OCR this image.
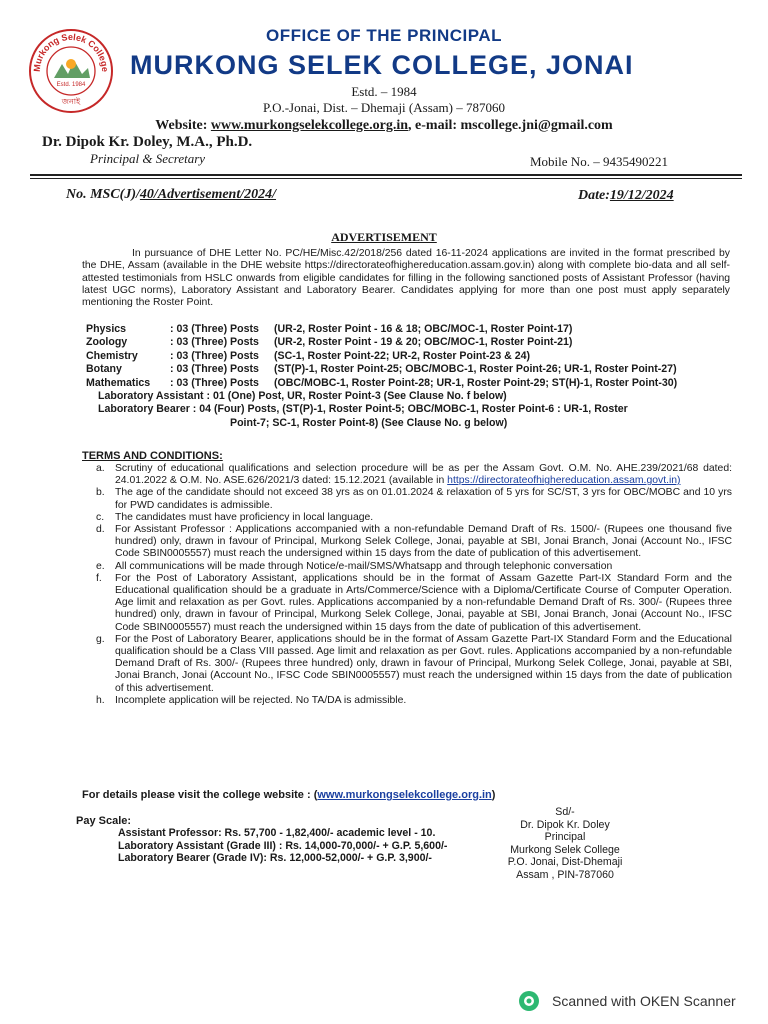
Murkong Selek College
Estd. 1984
জনাই
OFFICE OF THE PRINCIPAL
MURKONG SELEK COLLEGE, JONAI
Estd. – 1984
P.O.-Jonai, Dist. – Dhemaji (Assam) – 787060
Website: www.murkongselekcollege.org.in, e-mail: mscollege.jni@gmail.com
Dr. Dipok Kr. Doley, M.A., Ph.D.
Principal & Secretary	Mobile No. – 9435490221
No. MSC(J)/40/Advertisement/2024/	Date:19/12/2024
ADVERTISEMENT

In pursuance of DHE Letter No. PC/HE/Misc.42/2018/256 dated 16-11-2024 applications are invited in the format prescribed by the DHE, Assam (available in the DHE website https://directorateofhighereducation.assam.gov.in) along with complete bio-data and all self- attested testimonials from HSLC onwards from eligible candidates for filling in the following sanctioned posts of Assistant Professor (having latest UGC norms), Laboratory Assistant and Laboratory Bearer. Candidates applying for more than one post must apply separately mentioning the Roster Point.

Physics	: 03 (Three) Posts (UR-2, Roster Point - 16 & 18; OBC/MOC-1, Roster Point-17)
Zoology	: 03 (Three) Posts (UR-2, Roster Point - 19 & 20; OBC/MOC-1, Roster Point-21)
Chemistry	: 03 (Three) Posts (SC-1, Roster Point-22; UR-2, Roster Point-23 & 24)
Botany	: 03 (Three) Posts (ST(P)-1, Roster Point-25; OBC/MOBC-1, Roster Point-26; UR-1, Roster Point-27)
Mathematics : 03 (Three) Posts (OBC/MOBC-1, Roster Point-28; UR-1, Roster Point-29; ST(H)-1, Roster Point-30)
Laboratory Assistant : 01 (One) Post, UR, Roster Point-3 (See Clause No. f below)
Laboratory Bearer : 04 (Four) Posts, (ST(P)-1, Roster Point-5; OBC/MOBC-1, Roster Point-6 : UR-1, Roster
Point-7; SC-1, Roster Point-8) (See Clause No. g below)
TERMS AND CONDITIONS:
a. Scrutiny of educational qualifications and selection procedure will be as per the Assam Govt. O.M. No. AHE.239/2021/68 dated: 24.01.2022 & O.M. No. ASE.626/2021/3 dated: 15.12.2021 (available in https://directorateofhighereducation.assam.govt.in)
b. The age of the candidate should not exceed 38 yrs as on 01.01.2024 & relaxation of 5 yrs for SC/ST, 3 yrs for OBC/MOBC and 10 yrs for PWD candidates is admissible.
c. The candidates must have proficiency in local language.
d. For Assistant Professor : Applications accompanied with a non-refundable Demand Draft of Rs. 1500/- (Rupees one thousand five hundred) only, drawn in favour of Principal, Murkong Selek College, Jonai, payable at SBI, Jonai Branch, Jonai (Account No., IFSC Code SBIN0005557) must reach the undersigned within 15 days from the date of publication of this advertisement.
e. All communications will be made through Notice/e-mail/SMS/Whatsapp and through telephonic conversation
f. For the Post of Laboratory Assistant, applications should be in the format of Assam Gazette Part-IX Standard Form and the Educational qualification should be a graduate in Arts/Commerce/Science with a Diploma/Certificate Course of Computer Operation. Age limit and relaxation as per Govt. rules. Applications accompanied by a non-refundable Demand Draft of Rs. 300/- (Rupees three hundred) only, drawn in favour of Principal, Murkong Selek College, Jonai, payable at SBI, Jonai Branch, Jonai (Account No., IFSC Code SBIN0005557) must reach the undersigned within 15 days from the date of publication of this advertisement.
g. For the Post of Laboratory Bearer, applications should be in the format of Assam Gazette Part-IX Standard Form and the Educational qualification should be a Class VIII passed. Age limit and relaxation as per Govt. rules. Applications accompanied by a non-refundable Demand Draft of Rs. 300/- (Rupees three hundred) only, drawn in favour of Principal, Murkong Selek College, Jonai, payable at SBI, Jonai Branch, Jonai (Account No., IFSC Code SBIN0005557) must reach the undersigned within 15 days from the date of publication of this advertisement.
h. Incomplete application will be rejected. No TA/DA is admissible.
For details please visit the college website : (www.murkongselekcollege.org.in)
Pay Scale:
Assistant Professor: Rs. 57,700 - 1,82,400/- academic level - 10.
Laboratory Assistant (Grade III) : Rs. 14,000-70,000/- + G.P. 5,600/-
Laboratory Bearer (Grade IV): Rs. 12,000-52,000/- + G.P. 3,900/-
Sd/-
Dr. Dipok Kr. Doley
Principal
Murkong Selek College
P.O. Jonai, Dist-Dhemaji
Assam , PIN-787060
Scanned with OKEN Scanner
